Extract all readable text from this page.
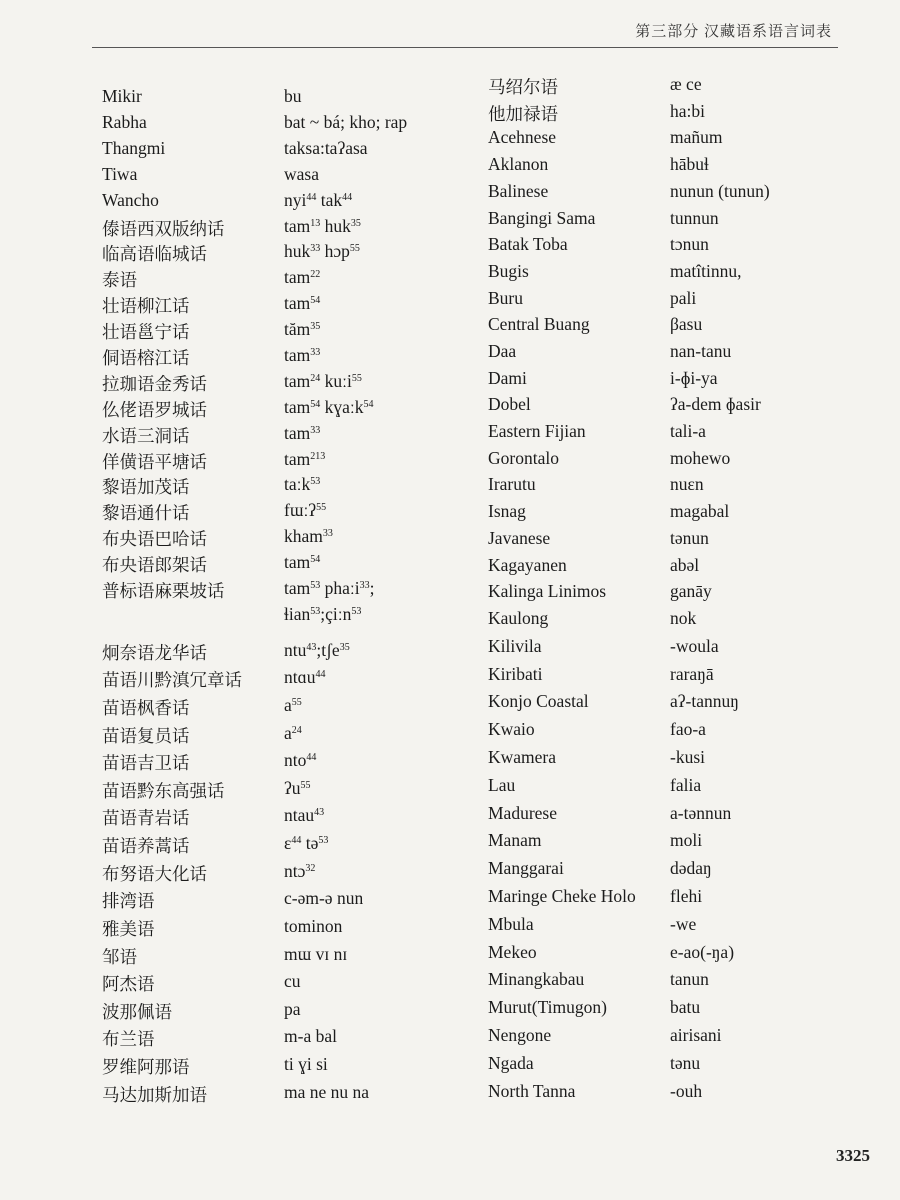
第三部分 汉藏语系语言词表
Mikir	bu
Rabha	bat ~ bá; kho; rap
Thangmi	taksa:taʔasa
Tiwa	wasa
Wancho	nyi$^{44}$ tak$^{44}$
傣语西双版纳话	tam$^{13}$ huk$^{35}$
临高语临城话	huk$^{33}$ hɔp$^{55}$
泰语	tam$^{22}$
壮语柳江话	tam$^{54}$
壮语邕宁话	tăm$^{35}$
侗语榕江话	tam$^{33}$
拉珈语金秀话	tam$^{24}$ kuːi$^{55}$
仫佬语罗城话	tam$^{54}$ kɣaːk$^{54}$
水语三洞话	tam$^{33}$
佯僙语平塘话	tam$^{213}$
黎语加茂话	taːk$^{53}$
黎语通什话	fɯːʔ$^{55}$
布央语巴哈话	kham$^{33}$
布央语郎架话	tam$^{54}$
普标语麻栗坡话	tam$^{53}$ phaːi$^{33}$;
ɬian$^{53}$;çiːn$^{53}$
炯奈语龙华话	ntu$^{43}$;tʃe$^{35}$
苗语川黔滇冗章话 ntɑu$^{44}$
苗语枫香话	$a^{55}$
苗语复员话	$a^{24}$
苗语吉卫话	nto$^{44}$
苗语黔东高强话	ʔu$^{55}$
苗语青岩话	ntau$^{43}$
苗语养蒿话	ɛ$^{44}$ tə$^{53}$
布努语大化话	ntɔ$^{32}$
排湾语	c-əm-ə nun
雅美语	tominon
邹语	mɯ vɪ nɪ
阿杰语	cu
波那佩语	pa
布兰语	m-a bal
罗维阿那语	ti ɣi si
马达加斯加语	ma ne nu na
马绍尔语	æ ce
他加禄语	ha:bi
Acehnese	mañum
Aklanon	hābuɬ
Balinese	nunun (tunun)
Bangingi Sama	tunnun
Batak Toba	tɔnun
Bugis	matîtinnu,
Buru	pali
Central Buang	βasu
Daa	nan-tanu
Dami	i-ɸi-ya
Dobel	ʔa-dem ɸasir
Eastern Fijian	tali-a
Gorontalo	mohewo
Irarutu	nuɛn
Isnag	magabal
Javanese	tənun
Kagayanen	abəl
Kalinga Linimos	ganāy
Kaulong	nok
Kilivila	-woula
Kiribati	raraŋā
Konjo Coastal	aʔ-tannuŋ
Kwaio	fao-a
Kwamera	-kusi
Lau	falia
Madurese	a-tənnun
Manam	moli
Manggarai	dədaŋ
Maringe Cheke Holo flehi
Mbula	-we
Mekeo	e-ao(-ŋa)
Minangkabau	tanun
Murut(Timugon)	batu
Nengone	airisani
Ngada	tənu
North Tanna	-ouh
3325
